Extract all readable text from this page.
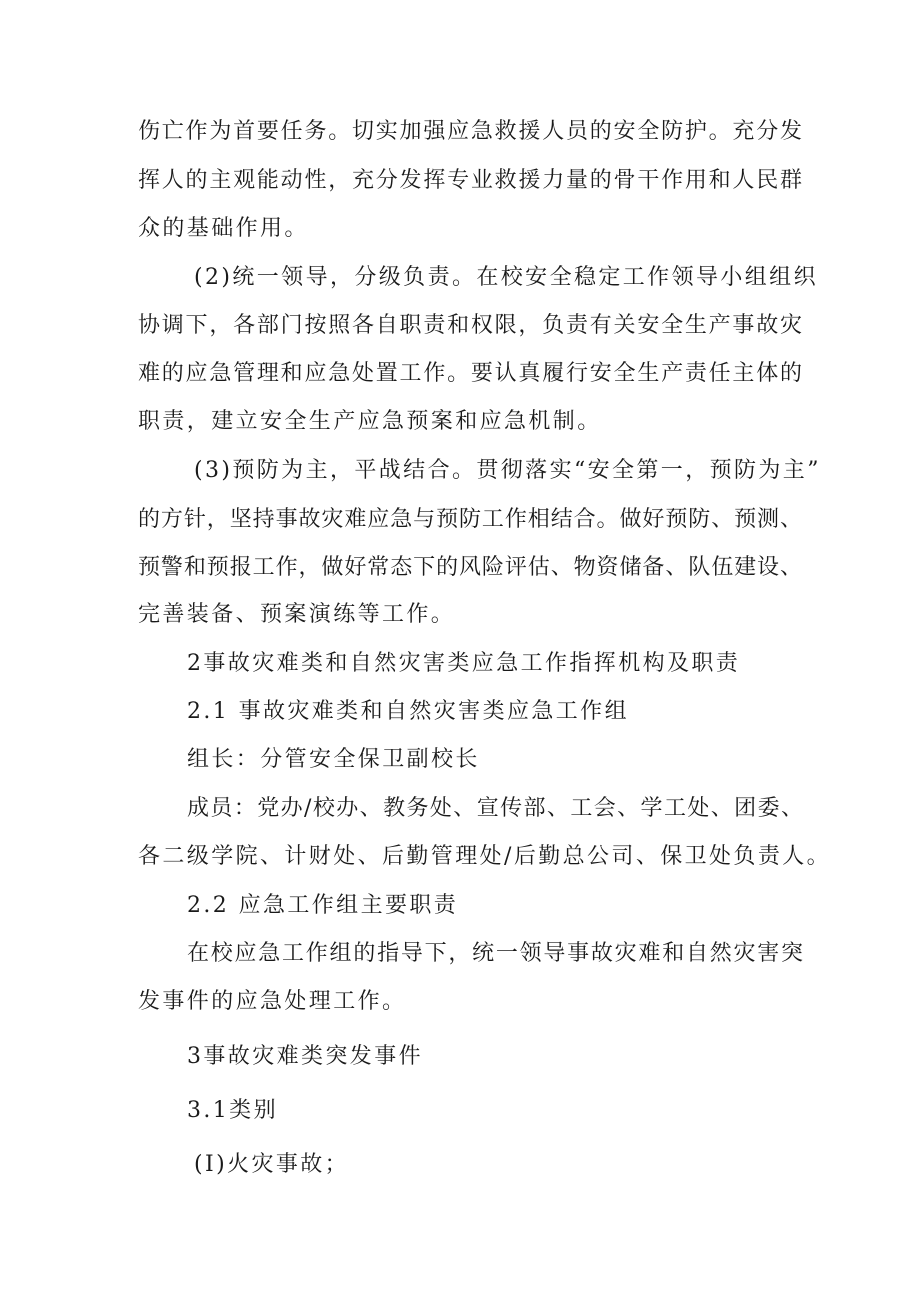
伤亡作为首要任务。切实加强应急救援人员的安全防护。充分发
挥人的主观能动性，充分发挥专业救援力量的骨干作用和人民群
众的基础作用。
(2)统一领导，分级负责。在校安全稳定工作领导小组组织
协调下，各部门按照各自职责和权限，负责有关安全生产事故灾
难的应急管理和应急处置工作。要认真履行安全生产责任主体的
职责，建立安全生产应急预案和应急机制。
(3)预防为主，平战结合。贯彻落实“安全第一，预防为主”
的方针，坚持事故灾难应急与预防工作相结合。做好预防、预测、
预警和预报工作，做好常态下的风险评估、物资储备、队伍建设、
完善装备、预案演练等工作。
2事故灾难类和自然灾害类应急工作指挥机构及职责
2.1 事故灾难类和自然灾害类应急工作组
组长：分管安全保卫副校长
成员：党办/校办、教务处、宣传部、工会、学工处、团委、
各二级学院、计财处、后勤管理处/后勤总公司、保卫处负责人。
2.2 应急工作组主要职责
在校应急工作组的指导下，统一领导事故灾难和自然灾害突
发事件的应急处理工作。
3事故灾难类突发事件
3.1类别
(I)火灾事故；
